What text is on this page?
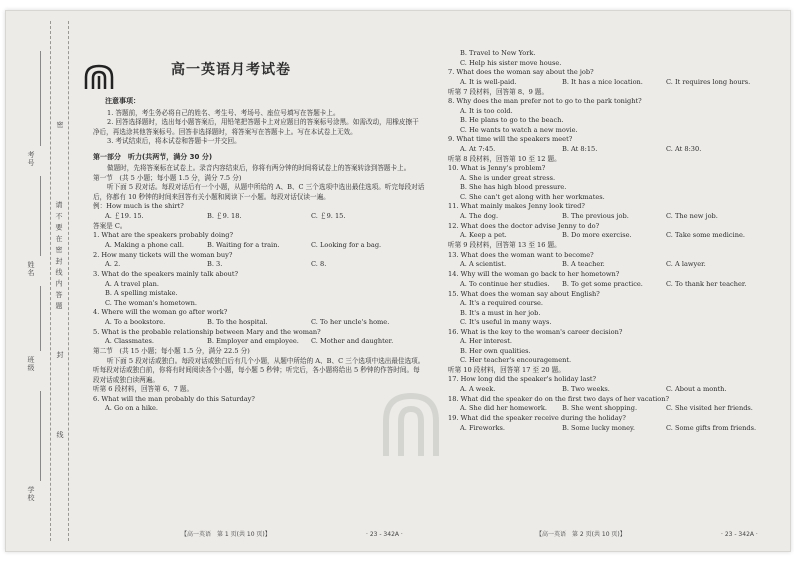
请 不 要 在 密 封 线 内 答 题
考号
姓名
班级
学校
密
封
线
高一英语月考试卷
注意事项：

1. 答题前，考生务必将自己的姓名、考生号、考场号、座位号填写在答题卡上。

2. 回答选择题时，选出每小题答案后，用铅笔把答题卡上对应题目的答案标号涂黑。如需改动，用橡皮擦干净后，再选涂其他答案标号。回答非选择题时，将答案写在答题卡上。写在本试卷上无效。

3. 考试结束后，将本试卷和答题卡一并交回。

第一部分　听力(共两节，满分 30 分)

做题时，先将答案标在试卷上。录音内容结束后，你将有两分钟的时间将试卷上的答案转涂到答题卡上。

第一节　(共 5 小题；每小题 1.5 分，满分 7.5 分)

听下面 5 段对话。每段对话后有一个小题，从题中所给的 A、B、C 三个选项中选出最佳选项。听完每段对话后，你都有 10 秒钟的时间来回答有关小题和阅读下一小题。每段对话仅读一遍。

例：How much is the shirt?

A. ￡19. 15.	B. ￡9. 18.	C. ￡9. 15.

答案是 C。

1. What are the speakers probably doing?

A. Making a phone call.	B. Waiting for a train.	C. Looking for a bag.

2. How many tickets will the woman buy?

A. 2.	B. 3.	C. 8.

3. What do the speakers mainly talk about?

A. A travel plan.

B. A spelling mistake.

C. The woman's hometown.

4. Where will the woman go after work?

A. To a bookstore.	B. To the hospital.	C. To her uncle's home.

5. What is the probable relationship between Mary and the woman?

A. Classmates.	B. Employer and employee. C. Mother and daughter.

第二节　(共 15 小题；每小题 1.5 分，满分 22.5 分)

听下面 5 段对话或独白。每段对话或独白后有几个小题，从题中所给的 A、B、C 三个选项中选出最佳选项。听每段对话或独白前，你将有时间阅读各个小题，每小题 5 秒钟；听完后，各小题将给出 5 秒钟的作答时间。每段对话或独白读两遍。

听第 6 段材料，回答第 6、7 题。

6. What will the man probably do this Saturday?

A. Go on a hike.

【高一英语　第 1 页(共 10 页)】	· 23 - 342A ·

B. Travel to New York.

C. Help his sister move house.

7. What does the woman say about the job?

A. It is well-paid.	B. It has a nice location.	C. It requires long hours.

听第 7 段材料，回答第 8、9 题。

8. Why does the man prefer not to go to the park tonight?

A. It is too cold.

B. He plans to go to the beach.

C. He wants to watch a new movie.

9. What time will the speakers meet?

A. At 7:45.	B. At 8:15.	C. At 8:30.

听第 8 段材料，回答第 10 至 12 题。

10. What is Jenny's problem?

A. She is under great stress.

B. She has high blood pressure.

C. She can't get along with her workmates.

11. What mainly makes Jenny look tired?

A. The dog.	B. The previous job.	C. The new job.

12. What does the doctor advise Jenny to do?

A. Keep a pet.	B. Do more exercise.	C. Take some medicine.

听第 9 段材料，回答第 13 至 16 题。

13. What does the woman want to become?

A. A scientist.	B. A teacher.	C. A lawyer.

14. Why will the woman go back to her hometown?

A. To continue her studies. B. To get some practice.	C. To thank her teacher.

15. What does the woman say about English?

A. It's a required course.

B. It's a must in her job.

C. It's useful in many ways.

16. What is the key to the woman's career decision?

A. Her interest.

B. Her own qualities.

C. Her teacher's encouragement.

听第 10 段材料，回答第 17 至 20 题。

17. How long did the speaker's holiday last?

A. A week.	B. Two weeks.	C. About a month.

18. What did the speaker do on the first two days of her vacation?

A. She did her homework. B. She went shopping.	C. She visited her friends.

19. What did the speaker receive during the holiday?

A. Fireworks.	B. Some lucky money.	C. Some gifts from friends.
【高一英语　第 2 页(共 10 页)】	· 23 - 342A ·
